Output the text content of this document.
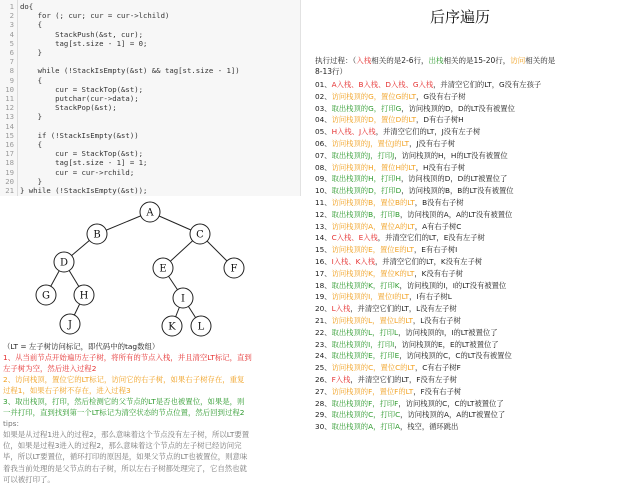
1 do{
2 for (; cur; cur = cur->lchild)
3 {
4 StackPush(&st, cur);
5 tag[st.size - 1] = 0;
6 }
7
8 while (!StackIsEmpty(&st) && tag[st.size - 1])
9 {
10 cur = StackTop(&st);
11 putchar(cur->data);
12 StackPop(&st);
13 }
14
15 if (!StackIsEmpty(&st))
16 {
17 cur = StackTop(&st);
18 tag[st.size - 1] = 1;
19 cur = cur->rchild;
20 }
21 } while (!StackIsEmpty(&st));
A
B	C
D
E	F
G	H	I
J	K L
（LT = 左子树访问标记，即代码中的tag数组）
1、从当前节点开始遍历左子树，将所有的节点入栈，并且清空LT标记，直到
左子树为空，然后进入过程2
2、访问栈顶，置位它的LT标记，访问它的右子树，如果右子树存在，重复
过程1，如果右子树不存在，进入过程3
3、取出栈顶，打印，然后检测它的父节点的LT是否也被置位，如果是，则
一并打印，直到找到第一个LT标记为清空状态的节点位置，然后回到过程2
tips:
如果是从过程1进入的过程2，那么意味着这个节点没有左子树，所以LT要置
位，如果是过程3进入的过程2，那么意味着这个节点的左子树已经访问完
毕，所以LT要置位，循环打印的原因是，如果父节点的LT也被置位，则意味
着我当前处理的是父节点的右子树，所以左右子树都处理完了，它自然也就
可以被打印了。
后序遍历
执行过程：（入栈相关的是2-6行，出栈相关的是15-20行，访问相关的是
8-13行）
01、A入栈、B入栈、D入栈、G入栈，并清空它们的LT，G没有左孩子
02、访问栈顶的G，置位G的LT，G没有右子树
03、取出栈顶的G，打印G，访问栈顶的D，D的LT没有被置位
04、访问栈顶的D，置位D的LT，D有右子树H
05、H入栈、J入栈，并清空它们的LT，J没有左子树
06、访问栈顶的J，置位J的LT，J没有右子树
07、取出栈顶的J，打印J，访问栈顶的H，H的LT没有被置位
08、访问栈顶的H，置位H的LT，H没有右子树
09、取出栈顶的H，打印H，访问栈顶的D，D的LT被置位了
10、取出栈顶的D，打印D，访问栈顶的B，B的LT没有被置位
11、访问栈顶的B，置位B的LT，B没有右子树
12、取出栈顶的B，打印B，访问栈顶的A，A的LT没有被置位
13、访问栈顶的A，置位A的LT，A有右子树C
14、C入栈、E入栈，并清空它们的LT，E没有左子树
15、访问栈顶的E，置位E的LT，E有右子树I
16、I入栈、K入栈，并清空它们的LT，K没有左子树
17、访问栈顶的K，置位K的LT，K没有右子树
18、取出栈顶的K，打印K，访问栈顶的I，I的LT没有被置位
19、访问栈顶的I，置位I的LT，I有右子树L
20、L入栈，并清空它们的LT，L没有左子树
21、访问栈顶的L，置位L的LT，L没有右子树
22、取出栈顶的L，打印L，访问栈顶的I，I的LT被置位了
23、取出栈顶的I，打印I，访问栈顶的E，E的LT被置位了
24、取出栈顶的E，打印E，访问栈顶的C，C的LT没有被置位
25、访问栈顶的C，置位C的LT，C有右子树F
26、F入栈，并清空它们的LT，F没有左子树
27、访问栈顶的F，置位F的LT，F没有右子树
28、取出栈顶的F，打印F，访问栈顶的C，C的LT被置位了
29、取出栈顶的C，打印C，访问栈顶的A，A的LT被置位了
30、取出栈顶的A，打印A，栈空，循环跳出
